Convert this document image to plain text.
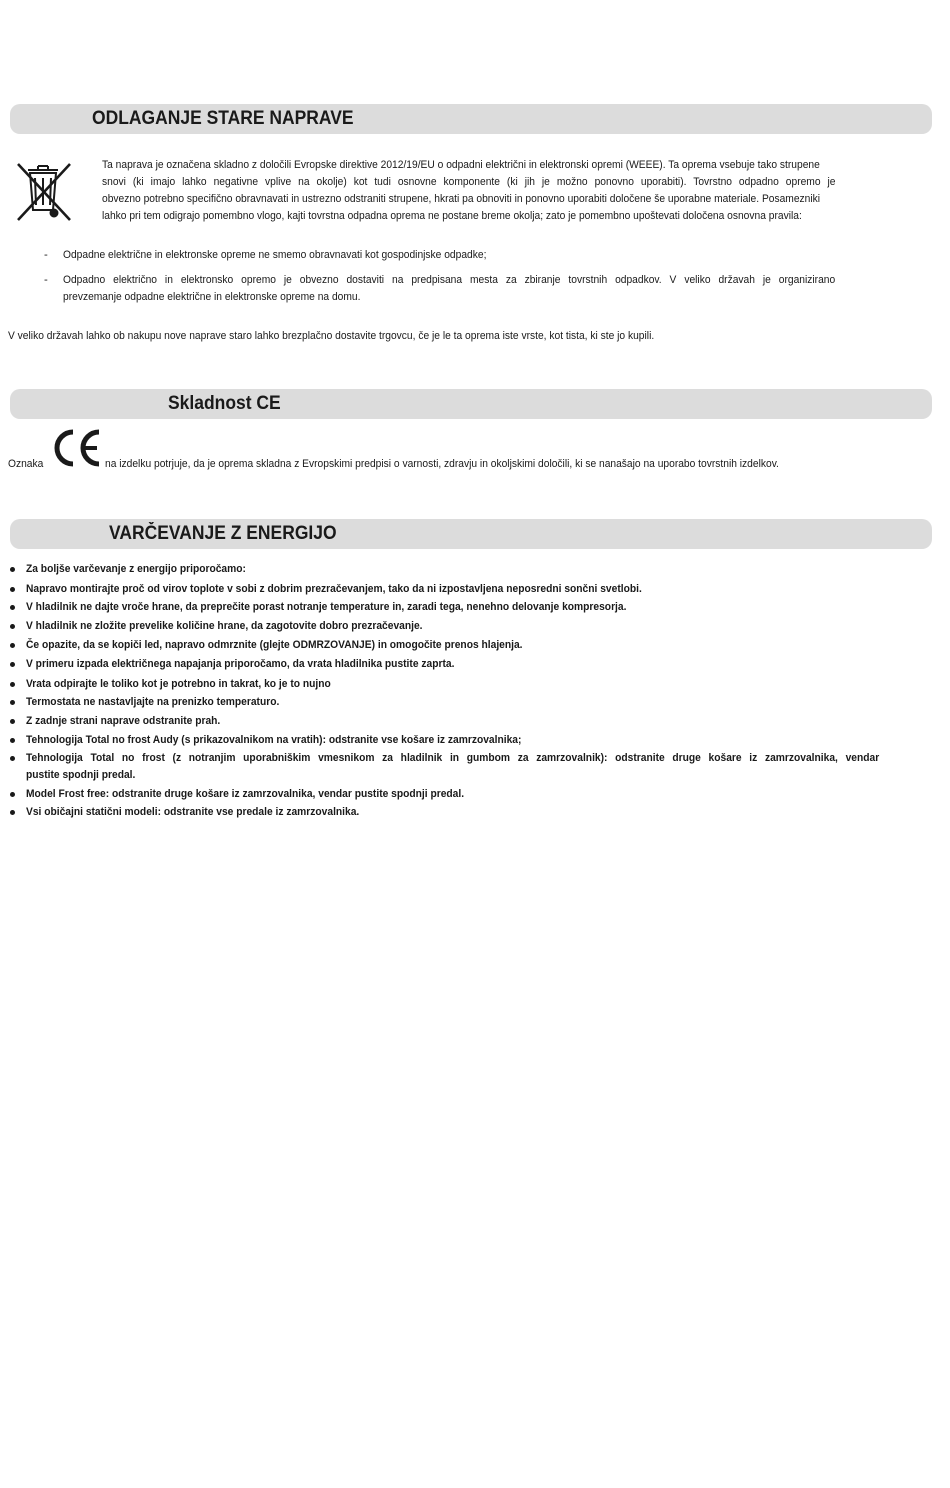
ODLAGANJE STARE NAPRAVE
Ta naprava je označena skladno z določili Evropske direktive 2012/19/EU o odpadni električni in elektronski opremi (WEEE). Ta oprema vsebuje tako strupene
snovi (ki imajo lahko negativne vplive na okolje) kot tudi osnovne komponente (ki jih je možno ponovno uporabiti). Tovrstno odpadno opremo je
obvezno potrebno specifično obravnavati in ustrezno odstraniti strupene, hkrati pa obnoviti in ponovno uporabiti določene še uporabne materiale. Posamezniki
lahko pri tem odigrajo pomembno vlogo, kajti tovrstna odpadna oprema ne postane breme okolja; zato je pomembno upoštevati določena osnovna pravila:
- Odpadne električne in elektronske opreme ne smemo obravnavati kot gospodinjske odpadke;
- Odpadno električno in elektronsko opremo je obvezno dostaviti na predpisana mesta za zbiranje tovrstnih odpadkov. V veliko državah je organizirano
prevzemanje odpadne električne in elektronske opreme na domu.
V veliko državah lahko ob nakupu nove naprave staro lahko brezplačno dostavite trgovcu, če je le ta oprema iste vrste, kot tista, ki ste jo kupili.
Skladnost CE
Oznaka	na izdelku potrjuje, da je oprema skladna z Evropskimi predpisi o varnosti, zdravju in okoljskimi določili, ki se nanašajo na uporabo tovrstnih izdelkov.
VARČEVANJE Z ENERGIJO
Za boljše varčevanje z energijo priporočamo:
Napravo montirajte proč od virov toplote v sobi z dobrim prezračevanjem, tako da ni izpostavljena neposredni sončni svetlobi.
V hladilnik ne dajte vroče hrane, da preprečite porast notranje temperature in, zaradi tega, nenehno delovanje kompresorja.
V hladilnik ne zložite prevelike količine hrane, da zagotovite dobro prezračevanje.
Če opazite, da se kopiči led, napravo odmrznite (glejte ODMRZOVANJE) in omogočite prenos hlajenja.
V primeru izpada električnega napajanja priporočamo, da vrata hladilnika pustite zaprta.
Vrata odpirajte le toliko kot je potrebno in takrat, ko je to nujno
Termostata ne nastavljajte na prenizko temperaturo.
Z zadnje strani naprave odstranite prah.
Tehnologija Total no frost Audy (s prikazovalnikom na vratih): odstranite vse košare iz zamrzovalnika;
Tehnologija Total no frost (z notranjim uporabniškim vmesnikom za hladilnik in gumbom za zamrzovalnik): odstranite druge košare iz zamrzovalnika, vendar
pustite spodnji predal.
Model Frost free: odstranite druge košare iz zamrzovalnika, vendar pustite spodnji predal.
Vsi običajni statični modeli: odstranite vse predale iz zamrzovalnika.
